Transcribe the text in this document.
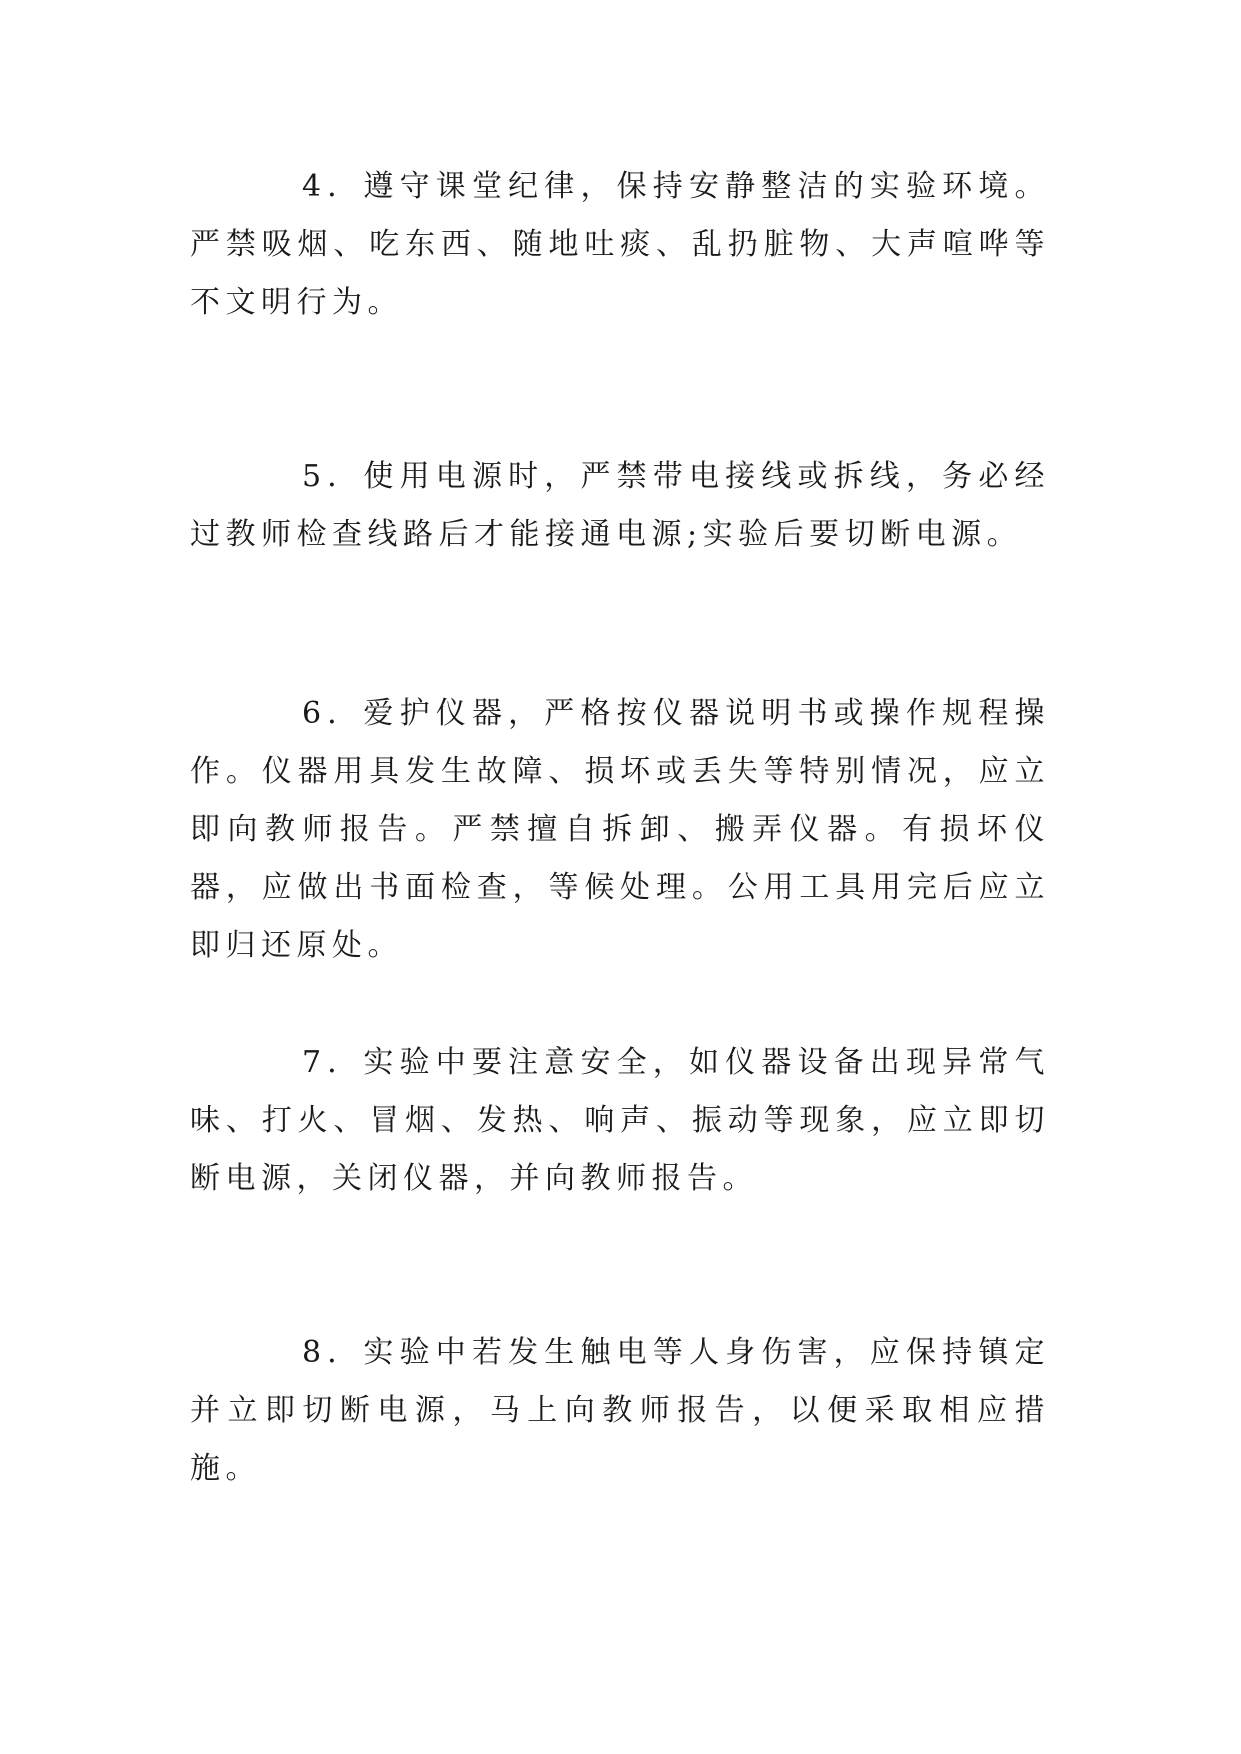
4．遵守课堂纪律，保持安静整洁的实验环境。严禁吸烟、吃东西、随地吐痰、乱扔脏物、大声喧哗等不文明行为。

5．使用电源时，严禁带电接线或拆线，务必经过教师检查线路后才能接通电源;实验后要切断电源。

6．爱护仪器，严格按仪器说明书或操作规程操作。仪器用具发生故障、损坏或丢失等特别情况，应立即向教师报告。严禁擅自拆卸、搬弄仪器。有损坏仪器，应做出书面检查，等候处理。公用工具用完后应立即归还原处。

7．实验中要注意安全，如仪器设备出现异常气味、打火、冒烟、发热、响声、振动等现象，应立即切断电源，关闭仪器，并向教师报告。

8．实验中若发生触电等人身伤害，应保持镇定并立即切断电源，马上向教师报告，以便采取相应措施。
